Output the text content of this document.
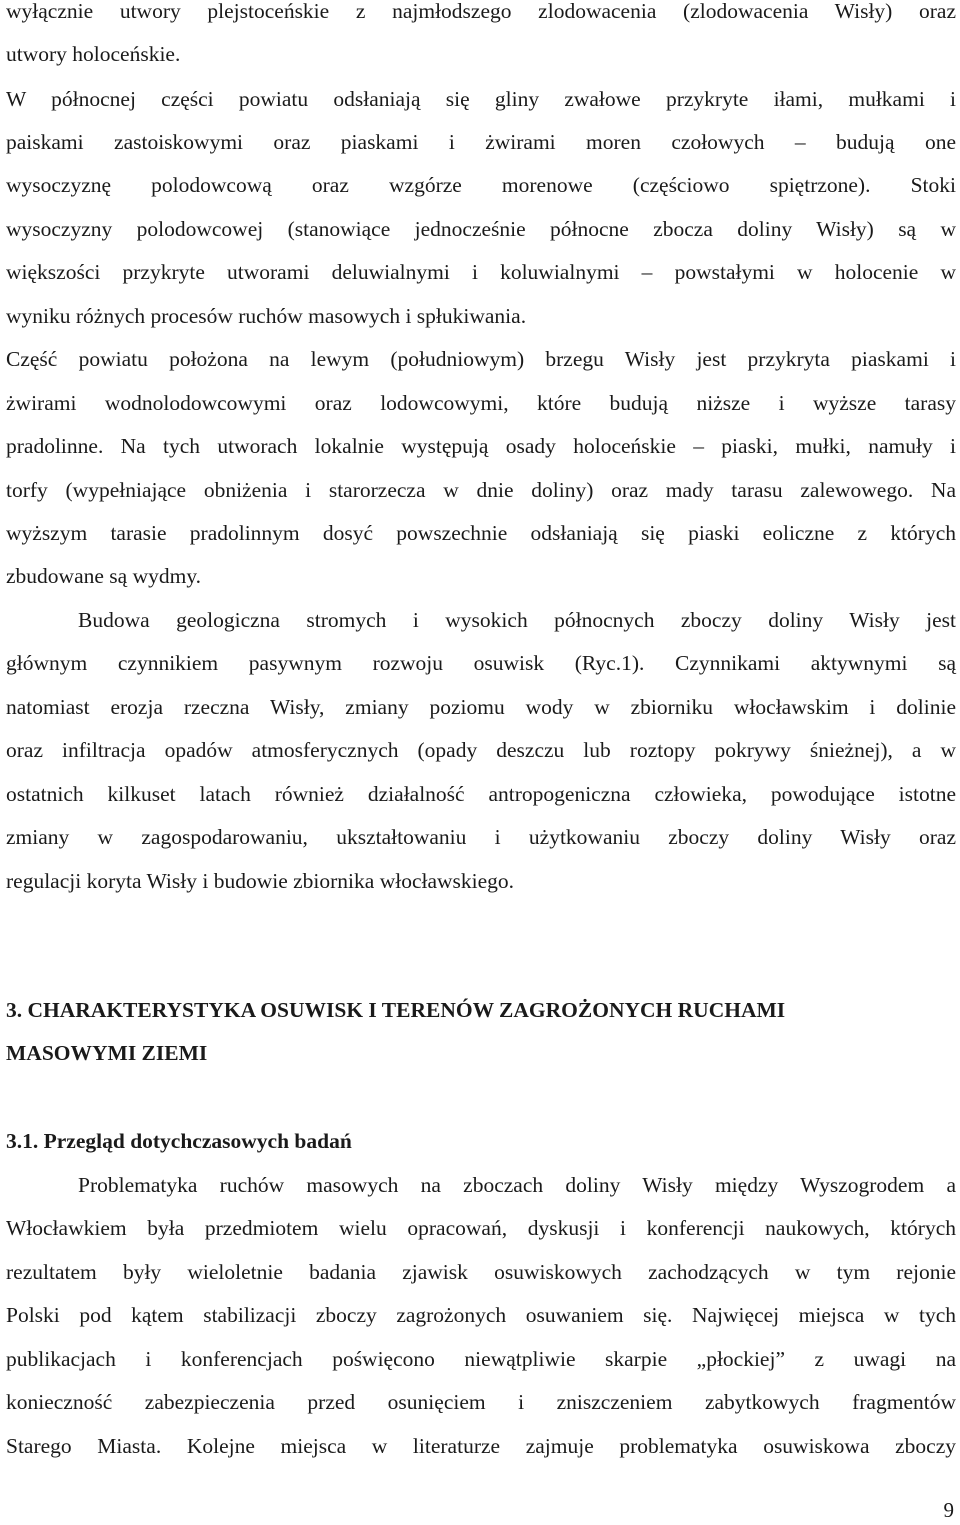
wyłącznie utwory plejstoceńskie z najmłodszego zlodowacenia (zlodowacenia Wisły) oraz
utwory holoceńskie.
W północnej części powiatu odsłaniają się gliny zwałowe przykryte iłami, mułkami i
paiskami zastoiskowymi oraz piaskami i żwirami moren czołowych – budują one
wysoczyznę polodowcową oraz wzgórze morenowe (częściowo spiętrzone). Stoki
wysoczyzny polodowcowej (stanowiące jednocześnie północne zbocza doliny Wisły) są w
większości przykryte utworami deluwialnymi i koluwialnymi – powstałymi w holocenie w
wyniku różnych procesów ruchów masowych i spłukiwania.
Część powiatu położona na lewym (południowym) brzegu Wisły jest przykryta piaskami i
żwirami wodnolodowcowymi oraz lodowcowymi, które budują niższe i wyższe tarasy
pradolinne. Na tych utworach lokalnie występują osady holoceńskie – piaski, mułki, namuły i
torfy (wypełniające obniżenia i starorzecza w dnie doliny) oraz mady tarasu zalewowego. Na
wyższym tarasie pradolinnym dosyć powszechnie odsłaniają się piaski eoliczne z których
zbudowane są wydmy.
Budowa geologiczna stromych i wysokich północnych zboczy doliny Wisły jest
głównym czynnikiem pasywnym rozwoju osuwisk (Ryc.1). Czynnikami aktywnymi są
natomiast erozja rzeczna Wisły, zmiany poziomu wody w zbiorniku włocławskim i dolinie
oraz infiltracja opadów atmosferycznych (opady deszczu lub roztopy pokrywy śnieżnej), a w
ostatnich kilkuset latach również działalność antropogeniczna człowieka, powodujące istotne
zmiany w zagospodarowaniu, ukształtowaniu i użytkowaniu zboczy doliny Wisły oraz
regulacji koryta Wisły i budowie zbiornika włocławskiego.
3. CHARAKTERYSTYKA OSUWISK I TERENÓW ZAGROŻONYCH RUCHAMI
MASOWYMI ZIEMI
3.1. Przegląd dotychczasowych badań
Problematyka ruchów masowych na zboczach doliny Wisły między Wyszogrodem a
Włocławkiem była przedmiotem wielu opracowań, dyskusji i konferencji naukowych, których
rezultatem były wieloletnie badania zjawisk osuwiskowych zachodzących w tym rejonie
Polski pod kątem stabilizacji zboczy zagrożonych osuwaniem się. Najwięcej miejsca w tych
publikacjach i konferencjach poświęcono niewątpliwie skarpie „płockiej” z uwagi na
konieczność zabezpieczenia przed osunięciem i zniszczeniem zabytkowych fragmentów
Starego Miasta. Kolejne miejsca w literaturze zajmuje problematyka osuwiskowa zboczy
9
